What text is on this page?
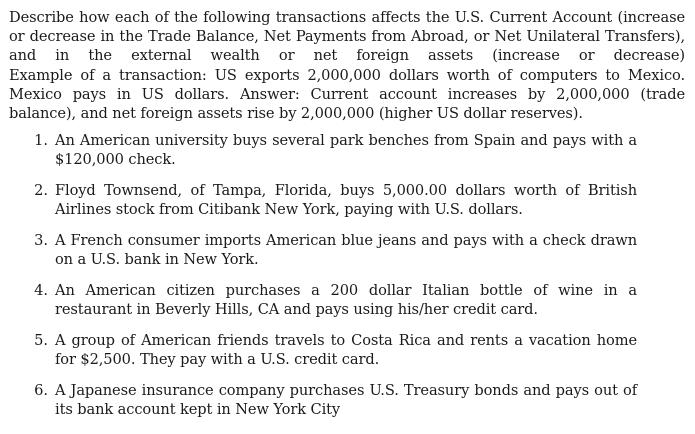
Describe how each of the following transactions affects the U.S. Current Account (increase or decrease in the Trade Balance, Net Payments from Abroad, or Net Unilateral Transfers), and in the external wealth or net foreign assets (increase or decrease)

Example of a transaction: US exports 2,000,000 dollars worth of computers to Mexico. Mexico pays in US dollars. Answer: Current account increases by 2,000,000 (trade balance), and net foreign assets rise by 2,000,000 (higher US dollar reserves).

1. An American university buys several park benches from Spain and pays with a $120,000 check.
2. Floyd Townsend, of Tampa, Florida, buys 5,000.00 dollars worth of British Airlines stock from Citibank New York, paying with U.S. dollars.
3. A French consumer imports American blue jeans and pays with a check drawn on a U.S. bank in New York.
4. An American citizen purchases a 200 dollar Italian bottle of wine in a restaurant in Beverly Hills, CA and pays using his/her credit card.
5. A group of American friends travels to Costa Rica and rents a vacation home for $2,500. They pay with a U.S. credit card.
6. A Japanese insurance company purchases U.S. Treasury bonds and pays out of its bank account kept in New York City
